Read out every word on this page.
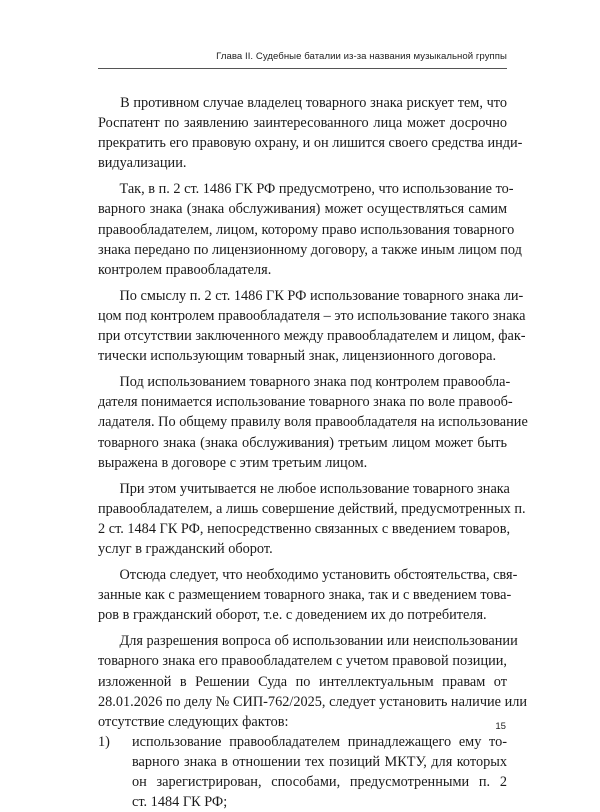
Глава II. Судебные баталии из-за названия музыкальной группы

В противном случае владелец товарного знака рискует тем, что
Роспатент по заявлению заинтересованного лица может досрочно
прекратить его правовую охрану, и он лишится своего средства инди-
видуализации.

Так, в п. 2 ст. 1486 ГК РФ предусмотрено, что использование то-
варного знака (знака обслуживания) может осуществляться самим
правообладателем, лицом, которому право использования товарного
знака передано по лицензионному договору, а также иным лицом под
контролем правообладателя.

По смыслу п. 2 ст. 1486 ГК РФ использование товарного знака ли-
цом под контролем правообладателя – это использование такого знака
при отсутствии заключенного между правообладателем и лицом, фак-
тически использующим товарный знак, лицензионного договора.

Под использованием товарного знака под контролем правообла-
дателя понимается использование товарного знака по воле правооб-
ладателя. По общему правилу воля правообладателя на использование
товарного знака (знака обслуживания) третьим лицом может быть
выражена в договоре с этим третьим лицом.

При этом учитывается не любое использование товарного знака
правообладателем, а лишь совершение действий, предусмотренных п.
2 ст. 1484 ГК РФ, непосредственно связанных с введением товаров,
услуг в гражданский оборот.

Отсюда следует, что необходимо установить обстоятельства, свя-
занные как с размещением товарного знака, так и с введением това-
ров в гражданский оборот, т.е. с доведением их до потребителя.

Для разрешения вопроса об использовании или неиспользовании
товарного знака его правообладателем с учетом правовой позиции,
изложенной в Решении Суда по интеллектуальным правам от
28.01.2026 по делу № СИП-762/2025, следует установить наличие или
отсутствие следующих фактов:

1) использование правообладателем принадлежащего ему то-
варного знака в отношении тех позиций МКТУ, для которых
он зарегистрирован, способами, предусмотренными п. 2
ст. 1484 ГК РФ;
15
